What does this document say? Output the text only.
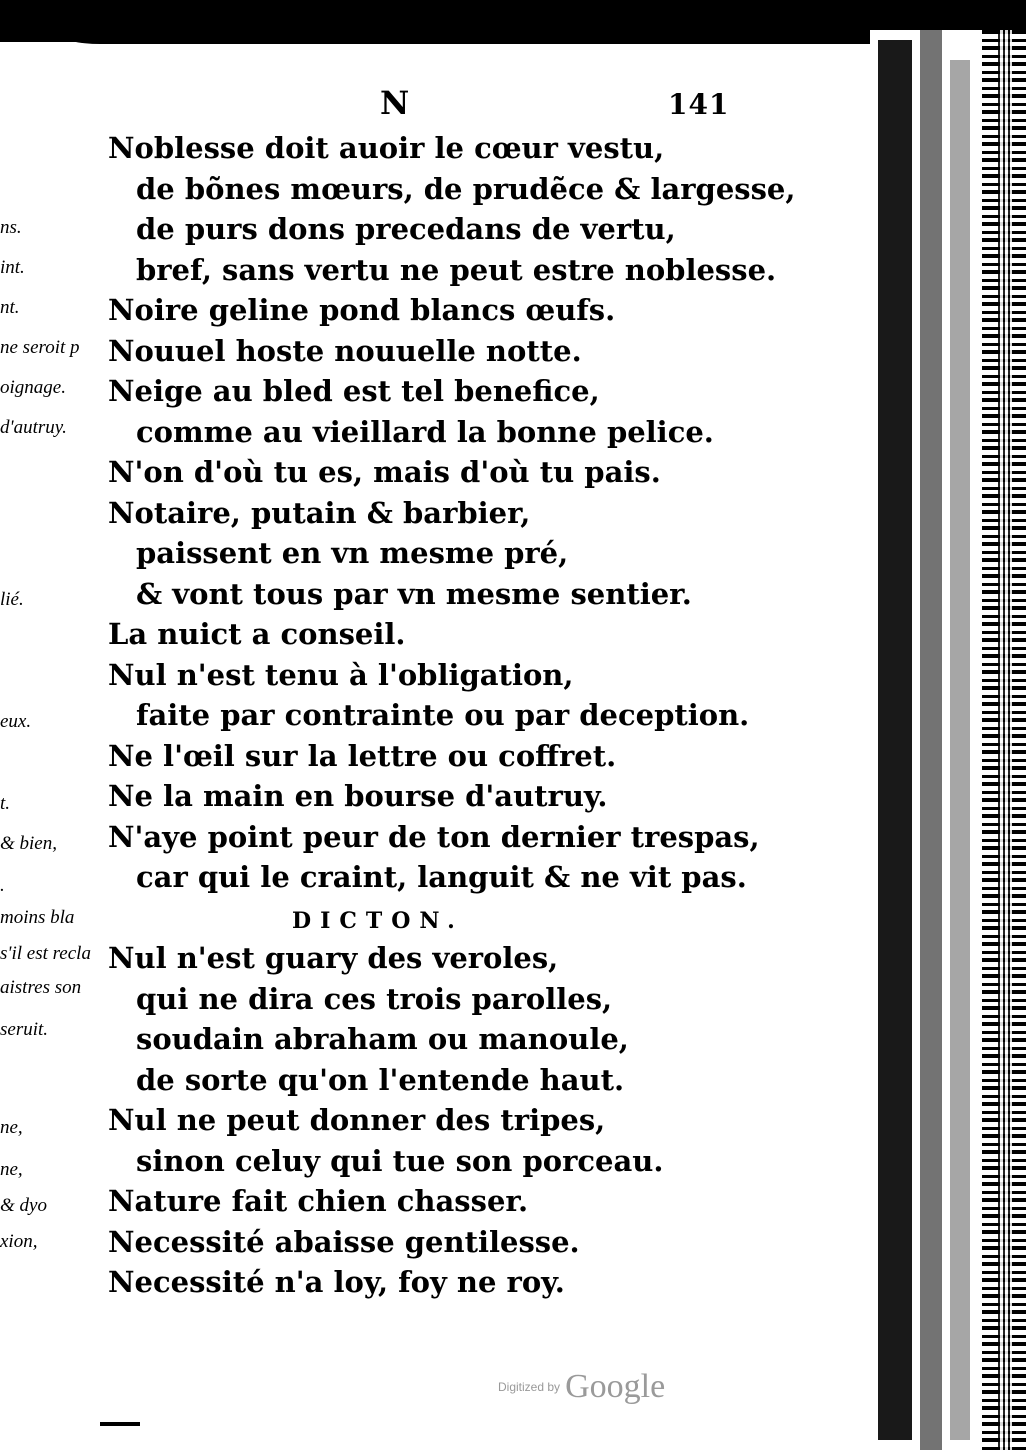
ns.
int.
nt.
ne seroit p
oignage.
d'autruy.
lié.
eux.
t.
& bien,
.
moins bla
s'il est recla
aistres son
seruit.
ne,
ne,
& dyo
xion,
N	141
Noblesse doit auoir le cœur vestu,
de bõnes mœurs, de prudẽce & largesse,
de purs dons precedans de vertu,
bref, sans vertu ne peut estre noblesse.
Noire geline pond blancs œufs.
Nouuel hoste nouuelle notte.
Neige au bled est tel benefice,
comme au vieillard la bonne pelice.
N'on d'où tu es, mais d'où tu pais.
Notaire, putain & barbier,
paissent en vn mesme pré,
& vont tous par vn mesme sentier.
La nuict a conseil.
Nul n'est tenu à l'obligation,
faite par contrainte ou par deception.
Ne l'œil sur la lettre ou coffret.
Ne la main en bourse d'autruy.
N'aye point peur de ton dernier trespas,
car qui le craint, languit & ne vit pas.
DICTON.
Nul n'est guary des veroles,
qui ne dira ces trois parolles,
soudain abraham ou manoule,
de sorte qu'on l'entende haut.
Nul ne peut donner des tripes,
sinon celuy qui tue son porceau.
Nature fait chien chasser.
Necessité abaisse gentilesse.
Necessité n'a loy, foy ne roy.
Digitized by Google
